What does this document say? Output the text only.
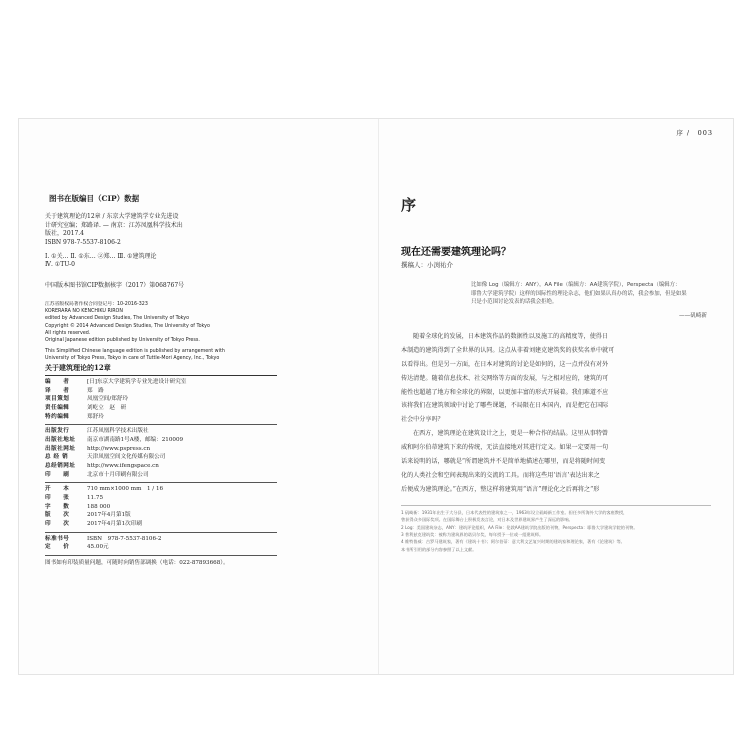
图书在版编目（CIP）数据
关于建筑理论的12章 / 东京大学建筑学专业先进设
计研究室编；郑路译. — 南京：江苏凤凰科学技术出
版社，2017.4
ISBN 978-7-5537-8106-2
Ⅰ. ①关… Ⅱ. ①东… ②郑… Ⅲ. ①建筑理论
Ⅳ. ①TU-0
中国版本图书馆CIP数据核字（2017）第068767号
江苏省版权局著作权合同登记号：10-2016-323
KORERARA NO KENCHIKU RIRON
edited by Advanced Design Studies, The University of Tokyo
Copyright © 2014 Advanced Design Studies, The University of Tokyo
All rights reserved.
Original Japanese edition published by University of Tokyo Press.
This Simplified Chinese language edition is published by arrangement with
University of Tokyo Press, Tokyo in care of Tuttle-Mori Agency, Inc., Tokyo
关于建筑理论的12章
编　　者	[日]东京大学建筑学专业先进设计研究室
译　　者	郑　路
项目策划	凤凰空间/郑舒玲
责任编辑	刘屹立　赵　研
特约编辑	郑舒玲
出版发行	江苏凤凰科学技术出版社
出版社地址	南京市湖南路1号A楼，邮编：210009
出版社网址	http://www.pspress.cn
总 经 销	天津凤凰空间文化传媒有限公司
总经销网址	http://www.ifengspace.cn
印　　刷	北京市十月印刷有限公司
开　　本	710 mm×1000 mm　1 / 16
印　　张	11.75
字　　数	188 000
版　　次	2017年4月第1版
印　　次	2017年4月第1次印刷
标准书号	ISBN　978-7-5537-8106-2
定　　价	45.00元
图书如有印装质量问题，可随时向销售部调换（电话：022-87893668）。
序 /　003
序
现在还需要建筑理论吗？
撰稿人：小渕祐介
比如像 Log（编辑方：ANY），AA File（编辑方：AA建筑学院），Perspecta（编辑方：
耶鲁大学建筑学院）这样的国际性的理论杂志，他们如果认真办的话，我会参加，但是如果
只是小范围讨论发表的话我会拒绝。
——矶崎新

随着全球化的发展，日本建筑作品的数据性以及施工的高精度等，使得日

本制造的建筑得到了全世界的认同。这点从非着刘建克建筑奖的获奖名单中就可

以看得出。但是另一方面，在日本对建筑的讨论是如何的，这一点并没有对外

传达清楚。随着信息技术、社交网络等方面的发展，与之相对应的，建筑的可

能性也超越了地方和全球化的界限，以更加丰富的形式开展着。我们难道不应

该将我们在建筑领域中讨论了哪些课题，不局限在日本国内，而是把它在国际

社会中分享吗？

在西方，建筑理论在建筑设计之上，更是一种合作的结晶。这里从事特曾

威和阿尔伯蒂建筑下来的传统，无法直接地对其进行定义。如果一定要用一句

话来说明的话，哪就是“所谓建筑并不是简单地描述在哪里，而是将随时间变

化的人类社会和空间表现出来的交流的工具。而将这些用‘语言’表达出来之

后便成为建筑理论。”在西方，整这样将建筑用“语言”理论化之后再将之“形

1 矶崎新：1931年出生于大分县，日本代表性的建筑家之一，1963年设立矶崎新工作室。担任多所海外大学的客座教授，
曾获得众多国际奖项。在国际舞台上积极发表言论，对日本及世界建筑界产生了深远的影响。
2 Log：美国建筑杂志，ANY：建筑评论组织，AA File：伦敦AA建筑学院出版的刊物，Perspecta：耶鲁大学建筑学院的刊物。
3 普利兹克建筑奖：被称为建筑界的诺贝尔奖，每年授予一位或一组建筑师。
4 维特鲁威：古罗马建筑家，著有《建筑十书》；阿尔伯蒂：意大利文艺复兴时期的建筑家和理论家，著有《论建筑》等。
本书所引用的部分内容参照了以上文献。
